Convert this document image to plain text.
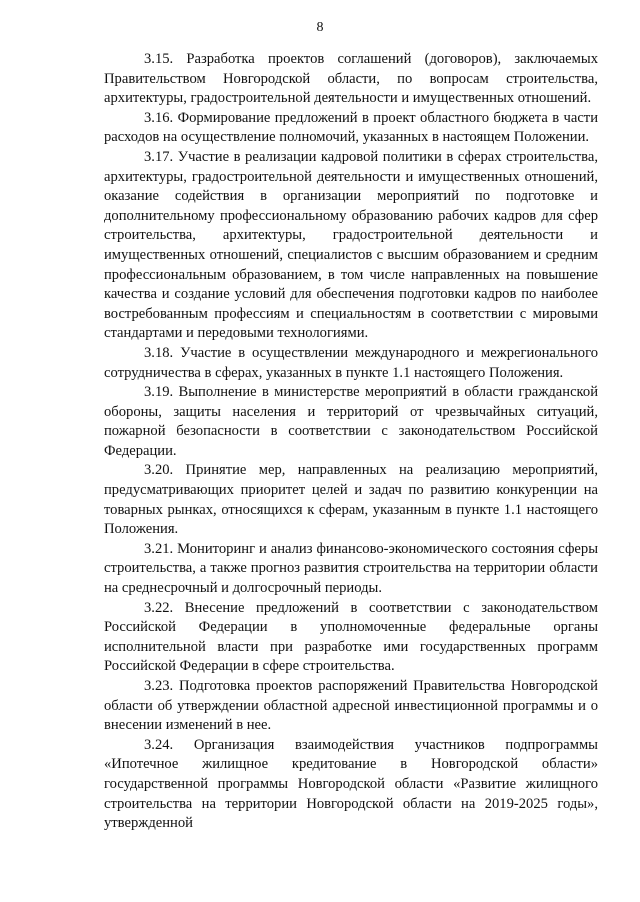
8

3.15. Разработка проектов соглашений (договоров), заключаемых Правительством Новгородской области, по вопросам строительства, архитектуры, градостроительной деятельности и имущественных отношений.

3.16. Формирование предложений в проект областного бюджета в части расходов на осуществление полномочий, указанных в настоящем Положении.

3.17. Участие в реализации кадровой политики в сферах строительства, архитектуры, градостроительной деятельности и имущественных отношений, оказание содействия в организации мероприятий по подготовке и дополнительному профессиональному образованию рабочих кадров для сфер строительства, архитектуры, градостроительной деятельности и имущественных отношений, специалистов с высшим образованием и средним профессиональным образованием, в том числе направленных на повышение качества и создание условий для обеспечения подготовки кадров по наиболее востребованным профессиям и специальностям в соответствии с мировыми стандартами и передовыми технологиями.

3.18. Участие в осуществлении международного и межрегионального сотрудничества в сферах, указанных в пункте 1.1 настоящего Положения.

3.19. Выполнение в министерстве мероприятий в области гражданской обороны, защиты населения и территорий от чрезвычайных ситуаций, пожарной безопасности в соответствии с законодательством Российской Федерации.

3.20. Принятие мер, направленных на реализацию мероприятий, предусматривающих приоритет целей и задач по развитию конкуренции на товарных рынках, относящихся к сферам, указанным в пункте 1.1 настоящего Положения.

3.21. Мониторинг и анализ финансово-экономического состояния сферы строительства, а также прогноз развития строительства на территории области на среднесрочный и долгосрочный периоды.

3.22. Внесение предложений в соответствии с законодательством Российской Федерации в уполномоченные федеральные органы исполнительной власти при разработке ими государственных программ Российской Федерации в сфере строительства.

3.23. Подготовка проектов распоряжений Правительства Новгородской области об утверждении областной адресной инвестиционной программы и о внесении изменений в нее.

3.24. Организация взаимодействия участников подпрограммы «Ипотечное жилищное кредитование в Новгородской области» государственной программы Новгородской области «Развитие жилищного строительства на территории Новгородской области на 2019-2025 годы», утвержденной
